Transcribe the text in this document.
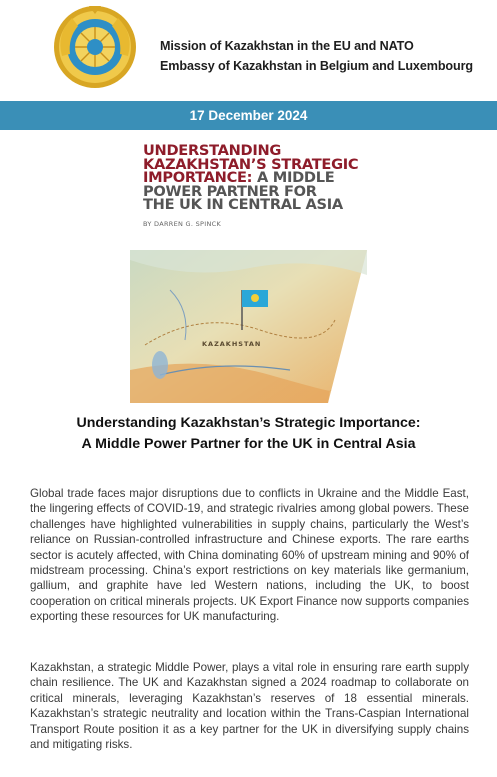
Mission of Kazakhstan in the EU and NATO
Embassy of Kazakhstan in Belgium and Luxembourg
17 December 2024
UNDERSTANDING
KAZAKHSTAN’S STRATEGIC
IMPORTANCE: A MIDDLE
POWER PARTNER FOR
THE UK IN CENTRAL ASIA
BY DARREN G. SPINCK
KAZAKHSTAN
Understanding Kazakhstan’s Strategic Importance:
A Middle Power Partner for the UK in Central Asia
Global trade faces major disruptions due to conflicts in Ukraine and the Middle East, the lingering effects of COVID-19, and strategic rivalries among global powers. These challenges have highlighted vulnerabilities in supply chains, particularly the West’s reliance on Russian-controlled infrastructure and Chinese exports. The rare earths sector is acutely affected, with China dominating 60% of upstream mining and 90% of midstream processing. China’s export restrictions on key materials like germanium, gallium, and graphite have led Western nations, including the UK, to boost cooperation on critical minerals projects. UK Export Finance now supports companies exporting these resources for UK manufacturing.
Kazakhstan, a strategic Middle Power, plays a vital role in ensuring rare earth supply chain resilience. The UK and Kazakhstan signed a 2024 roadmap to collaborate on critical minerals, leveraging Kazakhstan’s reserves of 18 essential minerals. Kazakhstan’s strategic neutrality and location within the Trans-Caspian International Transport Route position it as a key partner for the UK in diversifying supply chains and mitigating risks.
